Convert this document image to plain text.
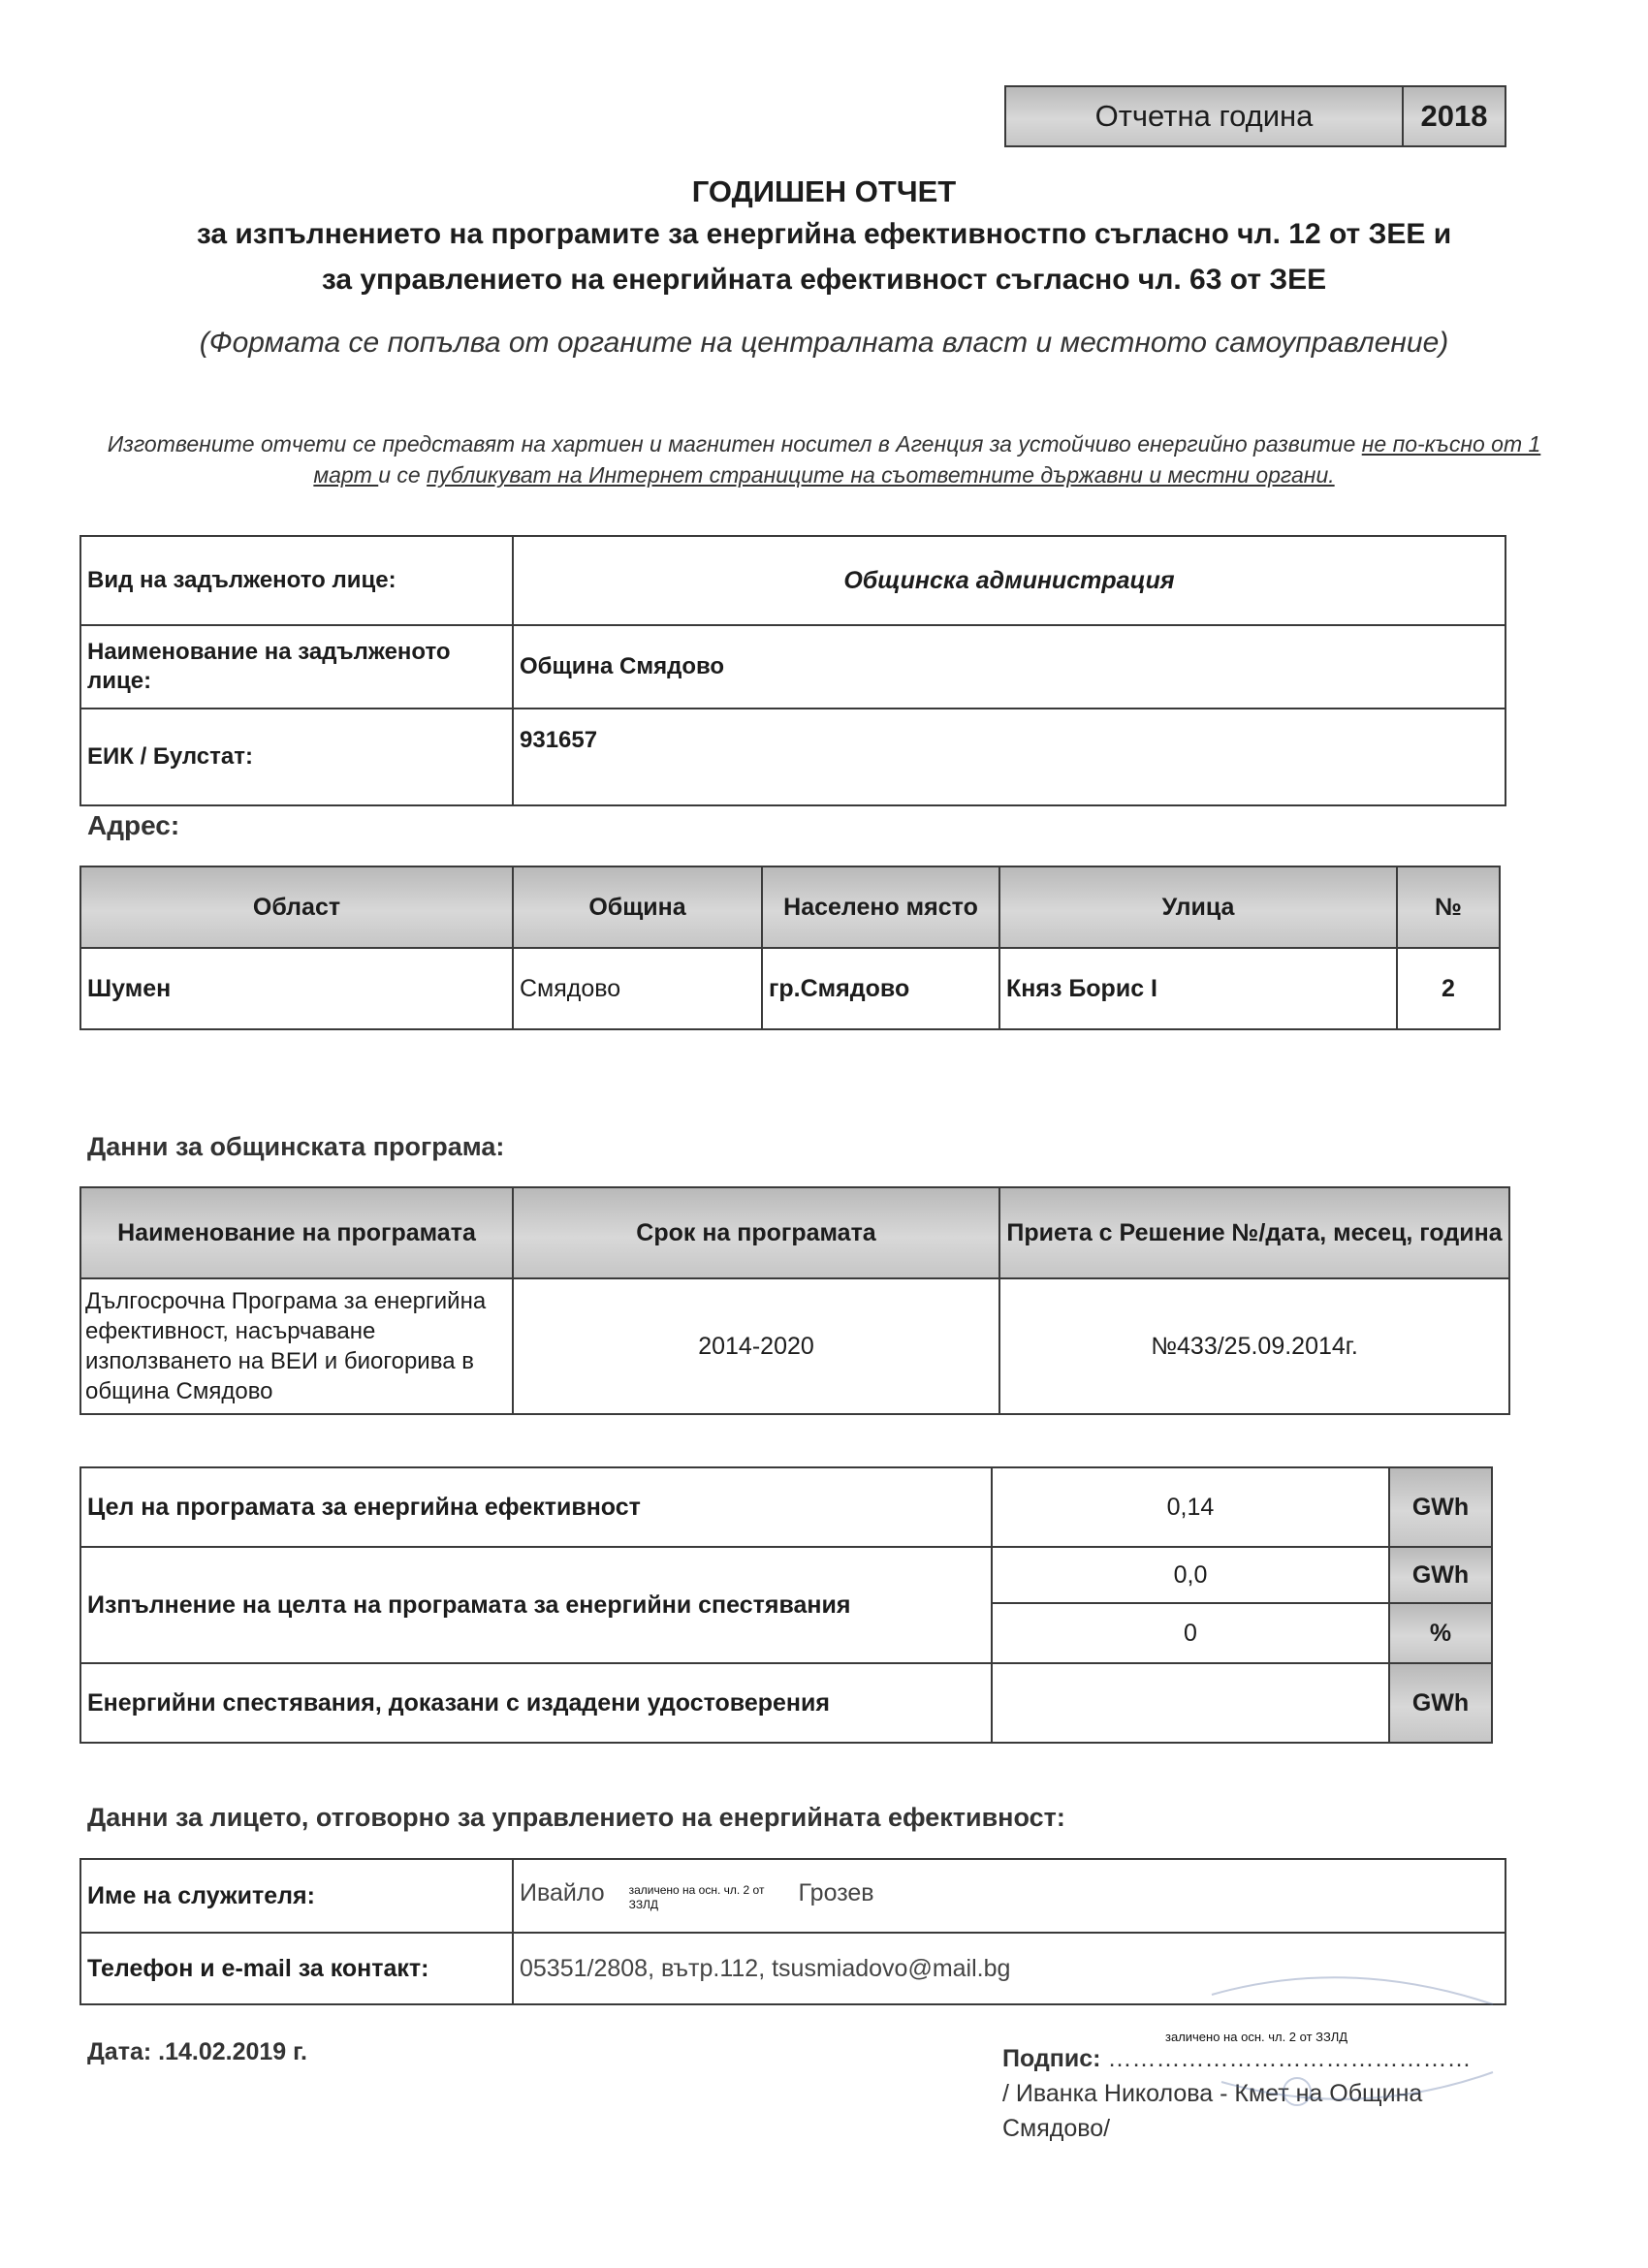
Отчетна година	2018
ГОДИШЕН ОТЧЕТ
за изпълнението на програмите за енергийна ефективностпо съгласно чл. 12 от ЗЕЕ и
за управлението на енергийната ефективност съгласно чл. 63 от ЗЕЕ
(Формата се попълва от органите на централната власт и местното самоуправление)
Изготвените отчети се представят на хартиен и магнитен носител в Агенция за устойчиво енергийно развитие не по-късно от 1 март и се публикуват на Интернет страниците на съответните държавни и местни органи.
Вид на задълженото лице:	Общинска администрация
Наименование на задълженото лице:	Община Смядово
ЕИК / Булстат:	931657
Адрес:
Област	Община	Населено място	Улица	№
Шумен	Смядово	гр.Смядово	Княз Борис I	2
Данни за общинската програма:
Наименование на програмата	Срок на програмата	Приета с Решение №/дата, месец, година
Дългосрочна Програма за енергийна ефективност, насърчаване използването на ВЕИ и биогорива в община Смядово	2014-2020	№433/25.09.2014г.
Цел на програмата за енергийна ефективност	0,14	GWh
Изпълнение на целта на програмата за енергийни спестявания	0,0	GWh
	0	%
Енергийни спестявания, доказани с издадени удостоверения		GWh
Данни за лицето, отговорно за управлението на енергийната ефективност:
Име на служителя:	Ивайло заличено на осн. чл. 2 от ЗЗЛД Грозев
Телефон и e-mail за контакт:	05351/2808, вътр.112, tsusmiadovo@mail.bg
Дата: .14.02.2019 г.
заличено на осн. чл. 2 от ЗЗЛД
Подпис: ………………………………………
/ Иванка Николова - Кмет на Община
Смядово/
